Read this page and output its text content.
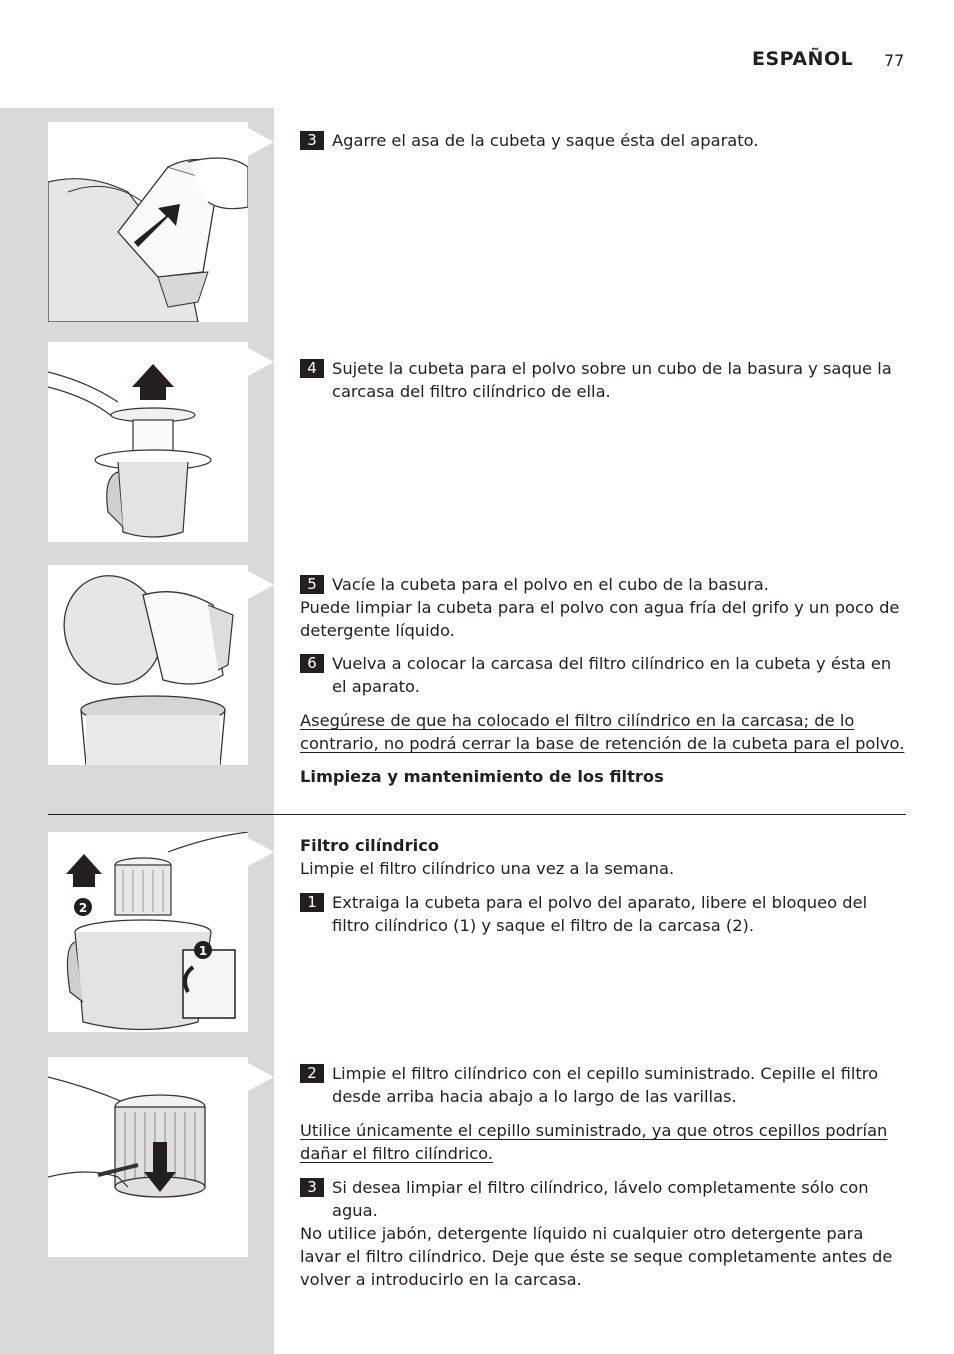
ESPAÑOL 77
2
1
3 Agarre el asa de la cubeta y saque ésta del aparato.
4 Sujete la cubeta para el polvo sobre un cubo de la basura y saque la carcasa del filtro cilíndrico de ella.
5 Vacíe la cubeta para el polvo en el cubo de la basura.
Puede limpiar la cubeta para el polvo con agua fría del grifo y un poco de detergente líquido.
6 Vuelva a colocar la carcasa del filtro cilíndrico en la cubeta y ésta en el aparato.
Asegúrese de que ha colocado el filtro cilíndrico en la carcasa; de lo contrario, no podrá cerrar la base de retención de la cubeta para el polvo.
Limpieza y mantenimiento de los filtros
Filtro cilíndrico
Limpie el filtro cilíndrico una vez a la semana.
1 Extraiga la cubeta para el polvo del aparato, libere el bloqueo del filtro cilíndrico (1) y saque el filtro de la carcasa (2).
2 Limpie el filtro cilíndrico con el cepillo suministrado. Cepille el filtro desde arriba hacia abajo a lo largo de las varillas.
Utilice únicamente el cepillo suministrado, ya que otros cepillos podrían dañar el filtro cilíndrico.
3 Si desea limpiar el filtro cilíndrico, lávelo completamente sólo con agua.
No utilice jabón, detergente líquido ni cualquier otro detergente para lavar el filtro cilíndrico. Deje que éste se seque completamente antes de volver a introducirlo en la carcasa.
